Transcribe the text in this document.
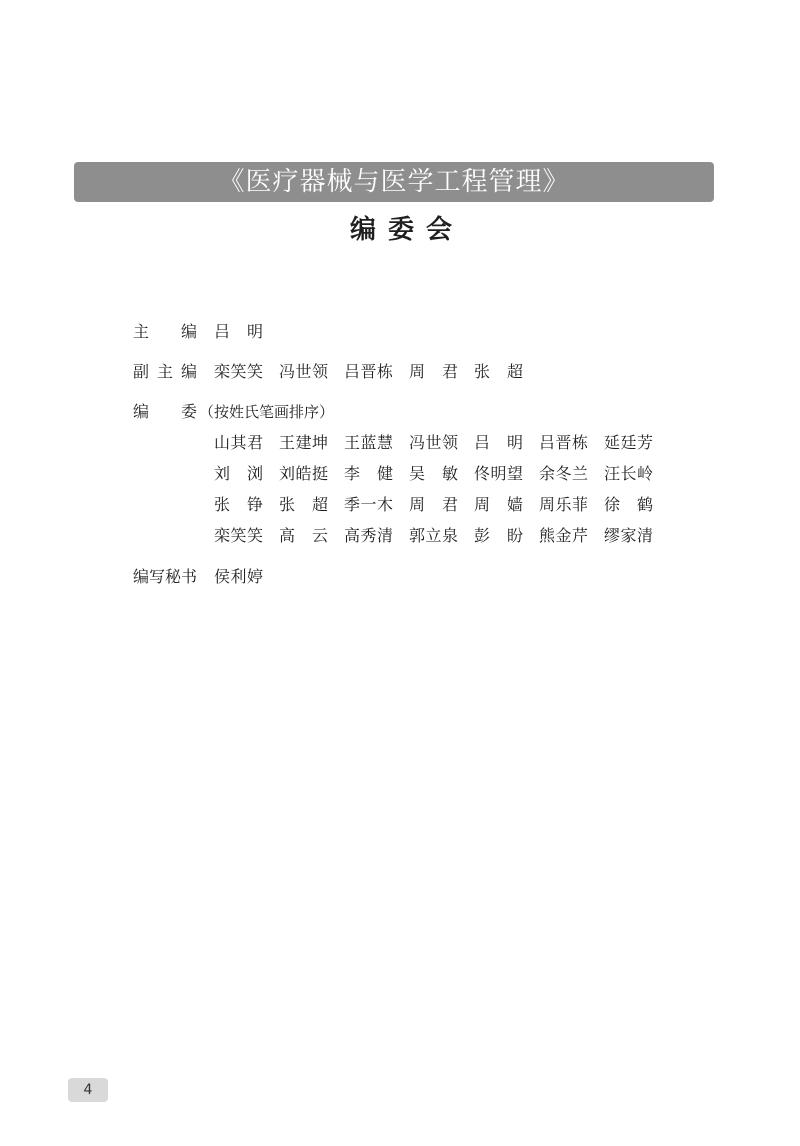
《医疗器械与医学工程管理》
编委会
主 编 吕 明
副 主 编 栾 笑 笑 冯 世 领 吕 晋 栋 周 君 张 超
编 委 （按姓氏笔画排序）
山 其 君 王 建 坤 王 蓝 慧 冯 世 领 吕 明 吕 晋 栋 延 廷 芳
刘 浏 刘 皓 挺 李 健 吴 敏 佟 明 望 余 冬 兰 汪 长 岭
张 铮 张 超 季 一 木 周 君 周 嫱 周 乐 菲 徐 鹤
栾 笑 笑 高 云 高 秀 清 郭 立 泉 彭 盼 熊 金 芹 缪 家 清
编写秘书 侯 利 婷
4
